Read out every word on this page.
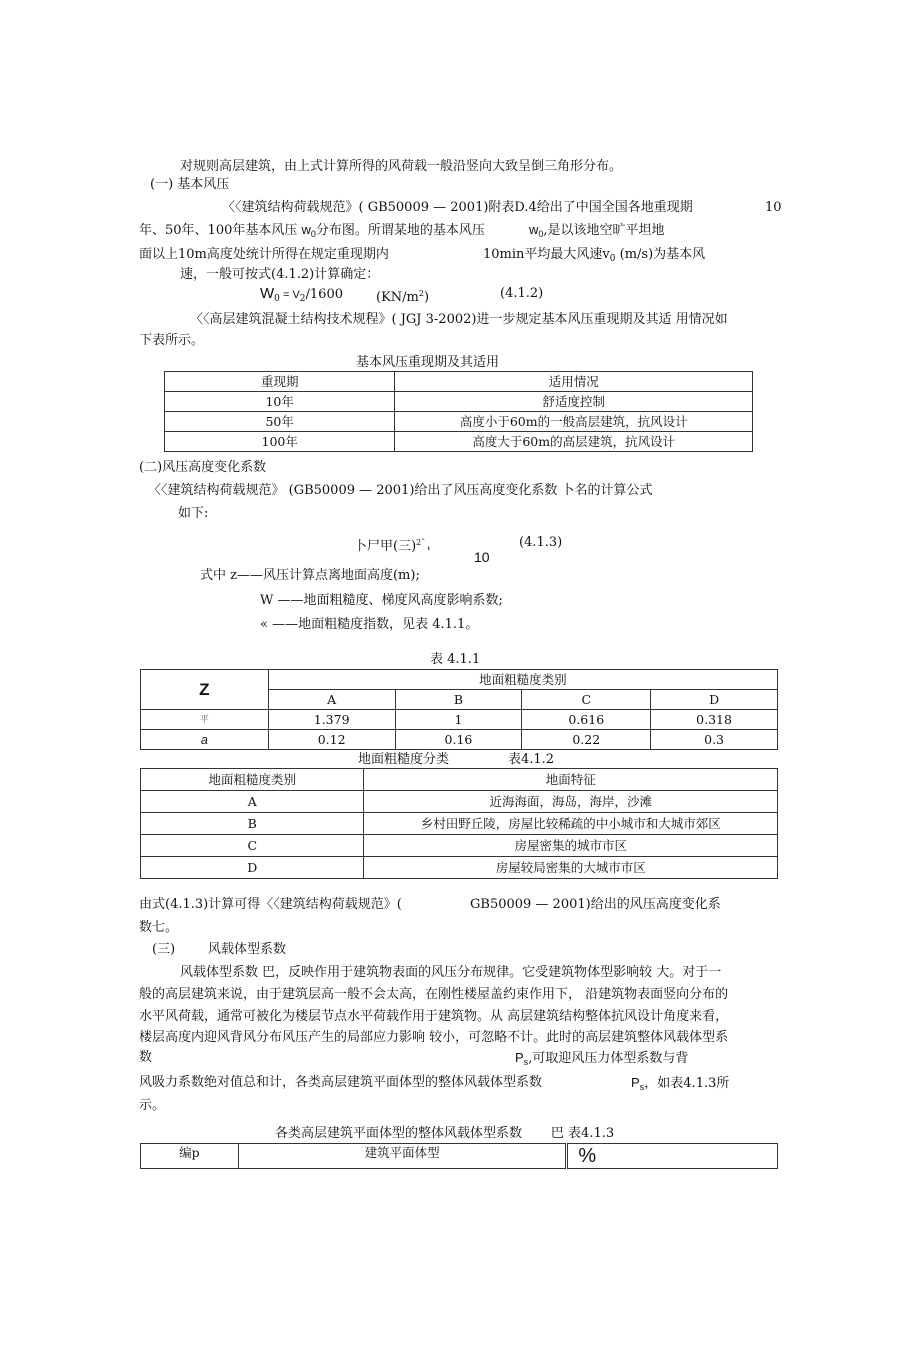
对规则高层建筑，由上式计算所得的风荷载一般沿竖向大致呈倒三角形分布。
(一) 基本风压
〈〈建筑结构荷载规范》( GB50009 — 2001)附表D.4给出了中国全国各地重现期	10
年、50年、100年基本风压 $w_0$分布图。所谓某地的基本风压	$w_0$,是以该地空旷平坦地
面以上10m高度处统计所得在规定重现期内	10min平均最大风速$v_0$ (m/s)为基本风
速，一般可按式(4.1.2)计算确定：
$W_0 = V_2/1600$	$(KN/m^2)$	(4.1.2)
〈〈高层建筑混凝土结构技术规程》( JGJ 3-2002)进一步规定基本风压重现期及其适 用情况如
下表所示。
基本风压重现期及其适用
重现期	适用情况
10年	舒适度控制
50年	高度小于60m的一般高层建筑，抗风设计
100年	高度大于60m的高层建筑，抗风设计
(二)风压高度变化系数
〈〈建筑结构荷载规范》 (GB50009 — 2001)给出了风压高度变化系数 卜名的计算公式
如下:
卜尸甲(三)$^{2ˆ}$
'	10
(4.1.3)
式中 z——风压计算点离地面高度(m);
W ——地面粗糙度、梯度风高度影响系数;
« ——地面粗糙度指数，见表 4.1.1。
表 4.1.1
Z	地面粗糙度类别			
	A	B	C	D
平	1.379	1	0.616	0.318
a	0.12	0.16	0.22	0.3
地面粗糙度分类	表4.1.2
地面粗糙度类别	地面特征
A	近海海面，海岛，海岸，沙滩
B	乡村田野丘陵，房屋比较稀疏的中小城市和大城市郊区
C	房屋密集的城市市区
D	房屋较局密集的大城市市区
由式(4.1.3)计算可得〈〈建筑结构荷载规范》(	GB50009 — 2001)给出的风压高度变化系
数七。
(三)	风载体型系数
风载体型系数 巴，反映作用于建筑物表面的风压分布规律。它受建筑物体型影响较 大。对于一
般的高层建筑来说，由于建筑层高一般不会太高，在刚性楼屋盖约束作用下， 沿建筑物表面竖向分布的
水平风荷载，通常可被化为楼层节点水平荷载作用于建筑物。从 高层建筑结构整体抗风设计角度来看，
楼层高度内迎风背风分布风压产生的局部应力影响 较小，可忽略不计。此时的高层建筑整体风载体型系
数	$P_s$,可取迎风压力体型系数与背
风吸力系数绝对值总和计，各类高层建筑平面体型的整体风载体型系数	$P_s$，如表4.1.3所
示。
各类高层建筑平面体型的整体风载体型系数       巴 表4.1.3
编p	建筑平面体型	%
